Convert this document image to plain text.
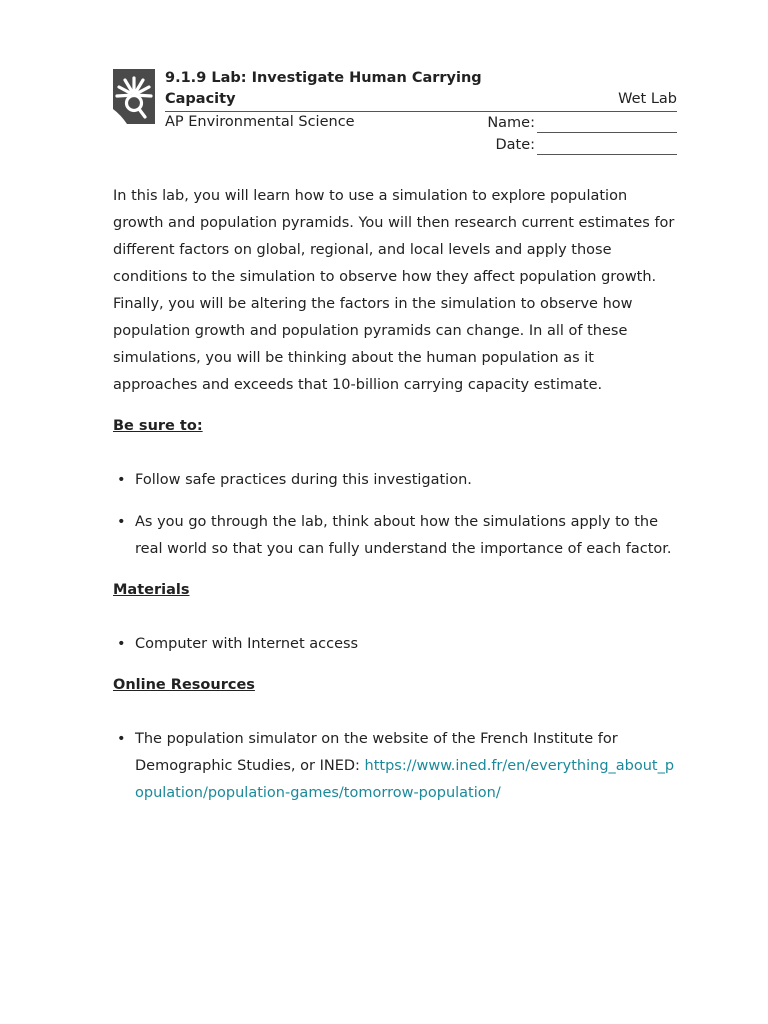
9.1.9 Lab: Investigate Human Carrying Capacity	Wet Lab
AP Environmental Science	Name:
Date:

In this lab, you will learn how to use a simulation to explore population growth and population pyramids. You will then research current estimates for different factors on global, regional, and local levels and apply those conditions to the simulation to observe how they affect population growth. Finally, you will be altering the factors in the simulation to observe how population growth and population pyramids can change. In all of these simulations, you will be thinking about the human population as it approaches and exceeds that 10-billion carrying capacity estimate.

Be sure to:
• Follow safe practices during this investigation.
• As you go through the lab, think about how the simulations apply to the real world so that you can fully understand the importance of each factor.
Materials
• Computer with Internet access
Online Resources
• The population simulator on the website of the French Institute for Demographic Studies, or INED: https://www.ined.fr/en/everything_about_population/population-games/tomorrow-population/
